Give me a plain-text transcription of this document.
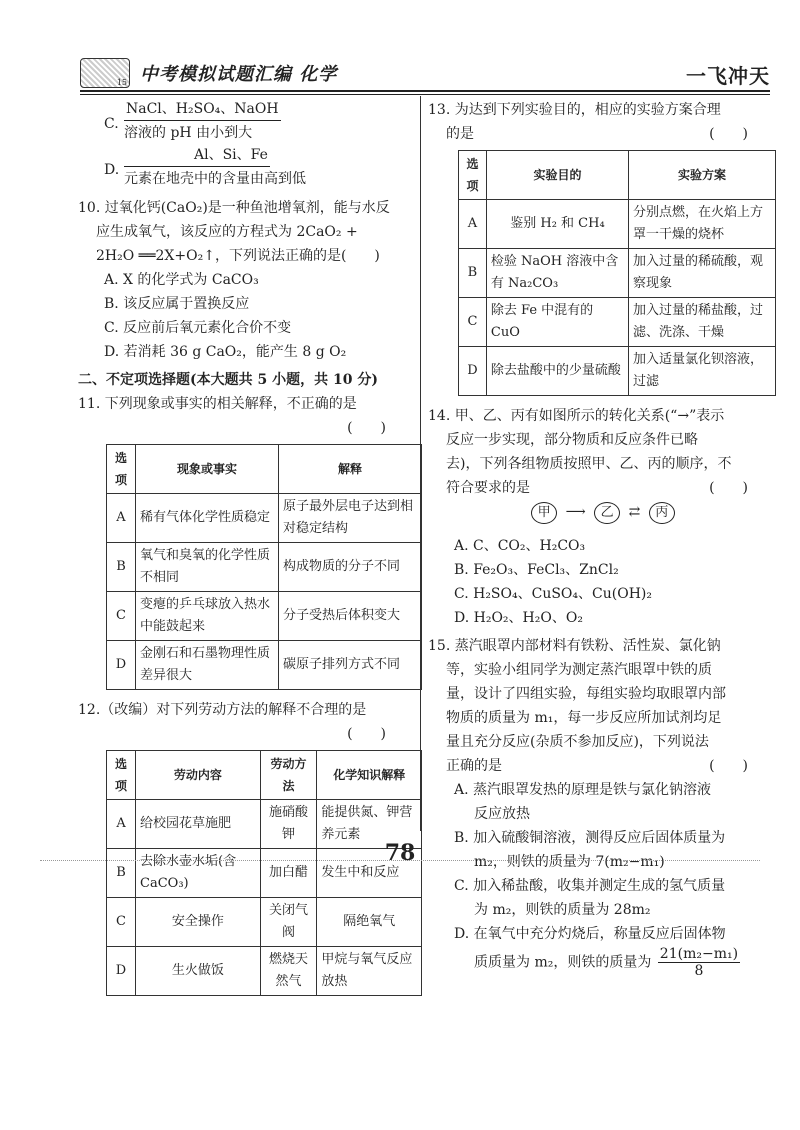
15 中考模拟试题汇编 化学	一飞冲天
C.
NaCl、H₂SO₄、NaOH
溶液的 pH 由小到大
D.
Al、Si、Fe
元素在地壳中的含量由高到低

10. 过氧化钙(CaO₂)是一种鱼池增氧剂，能与水反

应生成氧气，该反应的方程式为 2CaO₂ +

2H₂O ══2X+O₂↑，下列说法正确的是(　　)

A. X 的化学式为 CaCO₃

B. 该反应属于置换反应

C. 反应前后氧元素化合价不变

D. 若消耗 36 g CaO₂，能产生 8 g O₂

二、不定项选择题(本大题共 5 小题，共 10 分)

11. 下列现象或事实的相关解释，不正确的是

(　　)

选项	现象或事实	解释
A	稀有气体化学性质稳定	原子最外层电子达到相对稳定结构
B	氧气和臭氧的化学性质不相同	构成物质的分子不同
C	变瘪的乒乓球放入热水中能鼓起来	分子受热后体积变大
D	金刚石和石墨物理性质差异很大	碳原子排列方式不同

12.（改编）对下列劳动方法的解释不合理的是

(　　)

选项	劳动内容	劳动方法	化学知识解释
A	给校园花草施肥	施硝酸钾	能提供氮、钾营养元素
B	去除水壶水垢(含 CaCO₃)	加白醋	发生中和反应
C	安全操作	关闭气阀	隔绝氧气
D	生火做饭	燃烧天然气	甲烷与氧气反应放热

13. 为达到下列实验目的，相应的实验方案合理

的是	(　　)

选项	实验目的	实验方案
A	鉴别 H₂ 和 CH₄	分别点燃，在火焰上方罩一干燥的烧杯
B	检验 NaOH 溶液中含有 Na₂CO₃	加入过量的稀硫酸，观察现象
C	除去 Fe 中混有的 CuO	加入过量的稀盐酸，过滤、洗涤、干燥
D	除去盐酸中的少量硫酸	加入适量氯化钡溶液，过滤

14. 甲、乙、丙有如图所示的转化关系(“→”表示

反应一步实现，部分物质和反应条件已略

去)，下列各组物质按照甲、乙、丙的顺序，不

符合要求的是	(　　)

甲 ⟶ 乙 ⇄ 丙

A. C、CO₂、H₂CO₃

B. Fe₂O₃、FeCl₃、ZnCl₂

C. H₂SO₄、CuSO₄、Cu(OH)₂

D. H₂O₂、H₂O、O₂

15. 蒸汽眼罩内部材料有铁粉、活性炭、氯化钠

等，实验小组同学为测定蒸汽眼罩中铁的质

量，设计了四组实验，每组实验均取眼罩内部

物质的质量为 m₁，每一步反应所加试剂均足

量且充分反应(杂质不参加反应)，下列说法

正确的是	(　　)

A. 蒸汽眼罩发热的原理是铁与氯化钠溶液

反应放热

B. 加入硫酸铜溶液，测得反应后固体质量为

m₂，则铁的质量为 7(m₂−m₁)

C. 加入稀盐酸，收集并测定生成的氢气质量

为 m₂，则铁的质量为 28m₂

D. 在氧气中充分灼烧后，称量反应后固体物

质质量为 m₂，则铁的质量为 $\frac{\text{21(m₂−m₁)}}{8}$

78
